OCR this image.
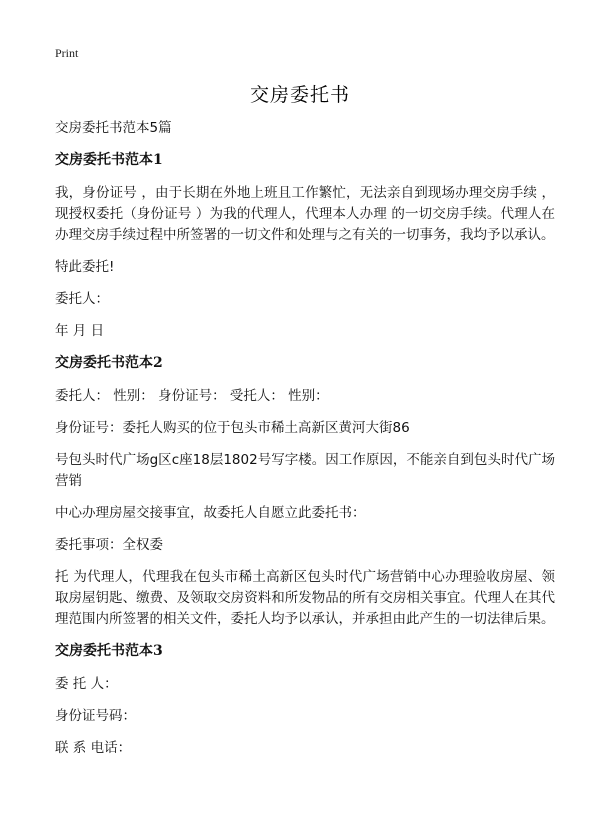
Print
交房委托书
交房委托书范本5篇
交房委托书范本1

我，身份证号 ，由于长期在外地上班且工作繁忙，无法亲自到现场办理交房手续 ，现授权委托（身份证号 ）为我的代理人，代理本人办理 的一切交房手续。代理人在办理交房手续过程中所签署的一切文件和处理与之有关的一切事务，我均予以承认。

特此委托!

委托人：

年 月 日

交房委托书范本2

委托人： 性别： 身份证号： 受托人： 性别：

身份证号：委托人购买的位于包头市稀土高新区黄河大街86

号包头时代广场g区c座18层1802号写字楼。因工作原因，不能亲自到包头时代广场营销

中心办理房屋交接事宜，故委托人自愿立此委托书：

委托事项：全权委

托 为代理人，代理我在包头市稀土高新区包头时代广场营销中心办理验收房屋、领取房屋钥匙、缴费、及领取交房资料和所发物品的所有交房相关事宜。代理人在其代理范围内所签署的相关文件，委托人均予以承认，并承担由此产生的一切法律后果。

交房委托书范本3

委 托 人：

身份证号码：

联 系 电话：
